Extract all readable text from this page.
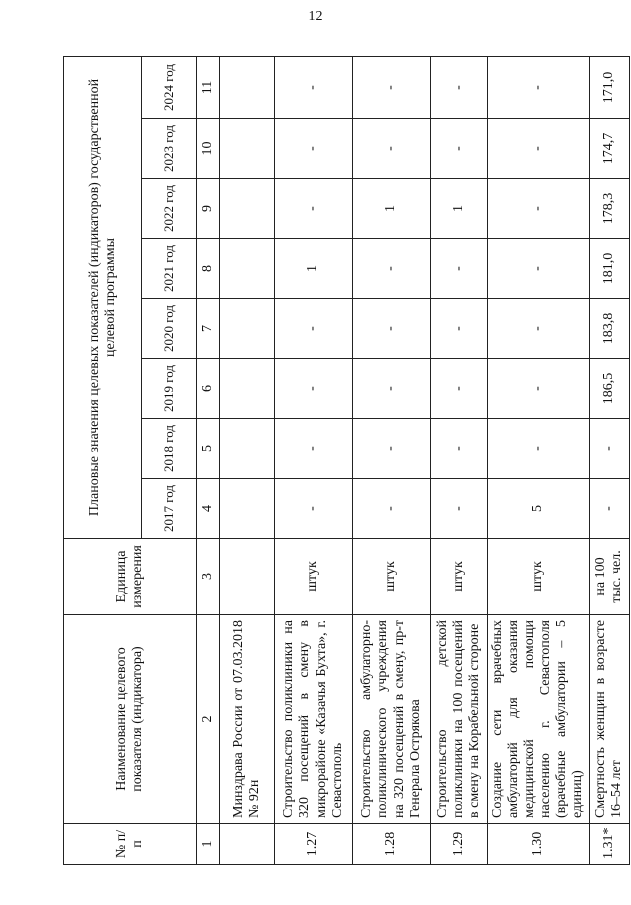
12
№ п/п	Наименование целевого показателя (индикатора)	Единица измерения	Плановые значения целевых показателей (индикаторов) государственной целевой программы							
			2017 год	2018 год	2019 год	2020 год	2021 год	2022 год	2023 год	2024 год
1	2	3	4	5	6	7	8	9	10	11
	Минздрава России от 07.03.2018 № 92н									
1.27	Строительство поликлиники на 320 посещений в смену в микрорайоне «Казачья Бухта», г. Севастополь	штук	-	-	-	-	1	-	-	-
1.28	Строительство амбулаторно-поликлинического учреждения на 320 посещений в смену, пр-т Генерала Острякова	штук	-	-	-	-	-	1	-	-
1.29	Строительство детской поликлиники на 100 посещений в смену на Корабельной стороне	штук	-	-	-	-	-	1	-	-
1.30	Создание сети врачебных амбулаторий для оказания медицинской помощи населению г. Севастополя (врачебные амбулатории – 5 единиц)	штук	5	-	-	-	-	-	-	-
1.31*	Смертность женщин в возрасте 16–54 лет	на 100 тыс. чел.	-	-	186,5	183,8	181,0	178,3	174,7	171,0
